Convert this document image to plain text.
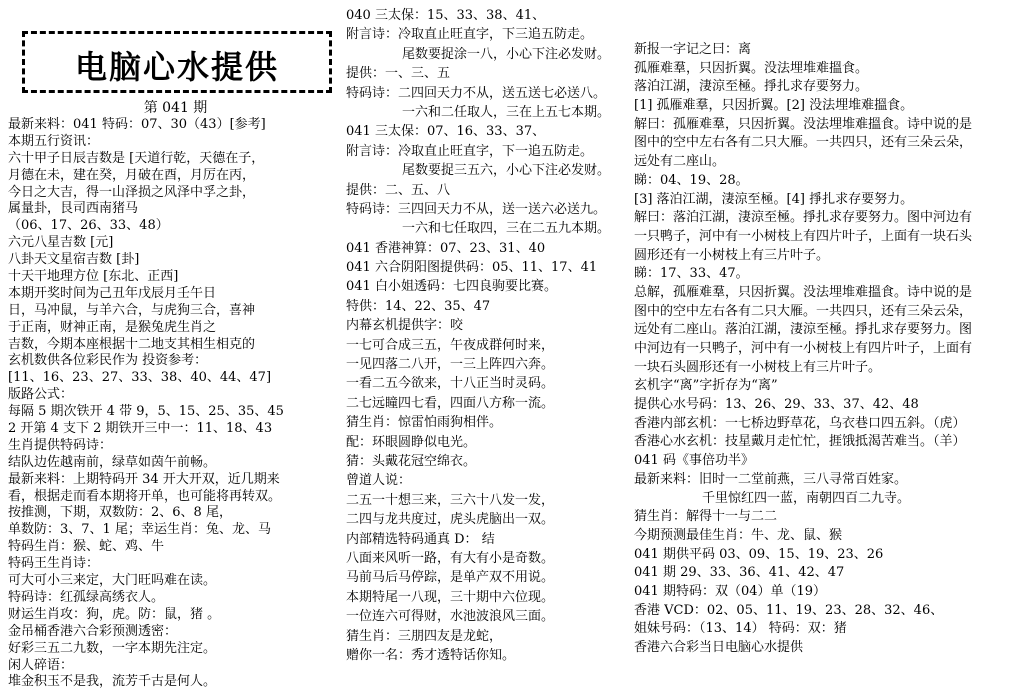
电脑心水提供
第 041 期
最新来料：041 特码：07、30（43）[参考]
本期五行资讯：
六十甲子日辰吉数是 [天道行乾，天德在子，
月德在未，建在癸，月破在酉，月厉在丙，
今日之大吉，得一山泽损之风泽中孚之卦，
属量卦，艮司西南猪马
（06、17、26、33、48）
六元八星吉数 [元]
八卦天文星宿吉数 [卦]
十天干地理方位 [东北、正西]
本期开奖时间为己丑年戊辰月壬午日
日，马冲鼠，与羊六合，与虎狗三合，喜神
于正南，财神正南，是猴兔虎生肖之
吉数，今期本座根据十二地支其相生相克的
玄机数供各位彩民作为 投资参考：
[11、16、23、27、33、38、40、44、47]
版路公式：
每隔 5 期次铁开 4 带 9，5、15、25、35、45
2 开第 4 支下 2 期铁开三中一：11、18、43
生肖提供特码诗：
结队边佐越南前，绿草如茵午前畅。
最新来料：上期特码开 34 开大开双，近几期来
看，根据走而看本期将开单，也可能将再转双。
按推测，下期，双数防：2、6、8 尾，
单数防：3、7、1 尾；幸运生肖：兔、龙、马
特码生肖：猴、蛇、鸡、牛
特码王生肖诗：
可大可小三来定，大门旺吗难在读。
特码诗：红孤绿高绣衣人。
财运生肖攻：狗，虎。防：鼠，猪 。
金吊桶香港六合彩预测透密：
好彩三五二九数，一字本期先注定。
闲人碎语：
堆金积玉不是我，流芳千古是何人。
040 三太保：15、33、38、41、
附言诗：冷取直止旺直字，下三追五防走。
尾数要捉涂一八，小心下注必发财。
提供：一、三、五
特码诗：二四回天力不从，送五送七必送八。
一六和二任取人，三在上五七本期。
041 三太保：07、16、33、37、
附言诗：冷取直止旺直字，下一追五防走。
尾数要捉三五六，小心下注必发财。
提供：二、五、八
特码诗：三四回天力不从，送一送六必送九。
一六和七任取四，三在二五九本期。
041 香港神算：07、23、31、40
041 六合阴阳图提供码：05、11、17、41
041 白小姐透码：七四良驹要比赛。
特供：14、22、35、47
内幕玄机提供字：咬
一七可合成三五，午夜成群何时来，
一见四落二八开，一三上阵四六奔。
一看二五今欲来，十八正当时灵码。
二七远瞳四七看，四面八方称一流。
猜生肖：惊雷怕雨狗相伴。
配：环眼圆睁似电光。
猜：头戴花冠空绵衣。
曾道人说：
二五一十想三来，三六十八发一发，
二四与龙共度过，虎头虎脑出一双。
内部精选特码通真 D： 结
八面来风听一路，有大有小是奇数。
马前马后马停踪，是单产双不用说。
本期特尾一八现，三十期中六位现。
一位连六可得财，水池波浪风三面。
猜生肖：三朋四友是龙蛇，
赠你一名：秀才透特话你知。
新报一字记之曰：离
孤雁难羣，只因折翼。没法埋堆难搵食。
落泊江湖，淒涼至極。掙扎求存要努力。
[1] 孤雁难羣，只因折翼。[2] 没法埋堆难搵食。
解曰：孤雁难羣，只因折翼。没法埋堆难搵食。诗中说的是
图中的空中左右各有二只大雁。一共四只，还有三朵云朵，
远处有二座山。
睇：04、19、28。
[3] 落泊江湖，淒涼至極。[4] 掙扎求存要努力。
解曰：落泊江湖，淒涼至極。掙扎求存要努力。图中河边有
一只鸭子，河中有一小树枝上有四片叶子，上面有一块石头
圆形还有一小树枝上有三片叶子。
睇：17、33、47。
总解，孤雁难羣，只因折翼。没法埋堆难搵食。诗中说的是
图中的空中左右各有二只大雁。一共四只，还有三朵云朵，
远处有二座山。落泊江湖，淒涼至極。掙扎求存要努力。图
中河边有一只鸭子，河中有一小树枝上有四片叶子，上面有
一块石头圆形还有一小树枝上有三片叶子。
玄机字“离”字折存为“离”
提供心水号码：13、26、29、33、37、42、48
香港内部玄机：一七桥边野草花，乌衣巷口四五斜。（虎）
香港心水玄机：技星戴月走忙忙，捱饿抵渴苦难当。（羊）
041 码《事倍功半》
最新来料：旧时一二堂前燕，三八寻常百姓家。
千里惊红四一蓝，南朝四百二九寺。
猜生肖：解得十一与二二
今期预测最佳生肖：牛、龙、鼠、猴
041 期供平码 03、09、15、19、23、26
041 期 29、33、36、41、42、47
041 期特码：双（04）单（19）
香港 VCD：02、05、11、19、23、28、32、46、
姐妹号码：（13、14） 特码：双：猪
香港六合彩当日电脑心水提供
